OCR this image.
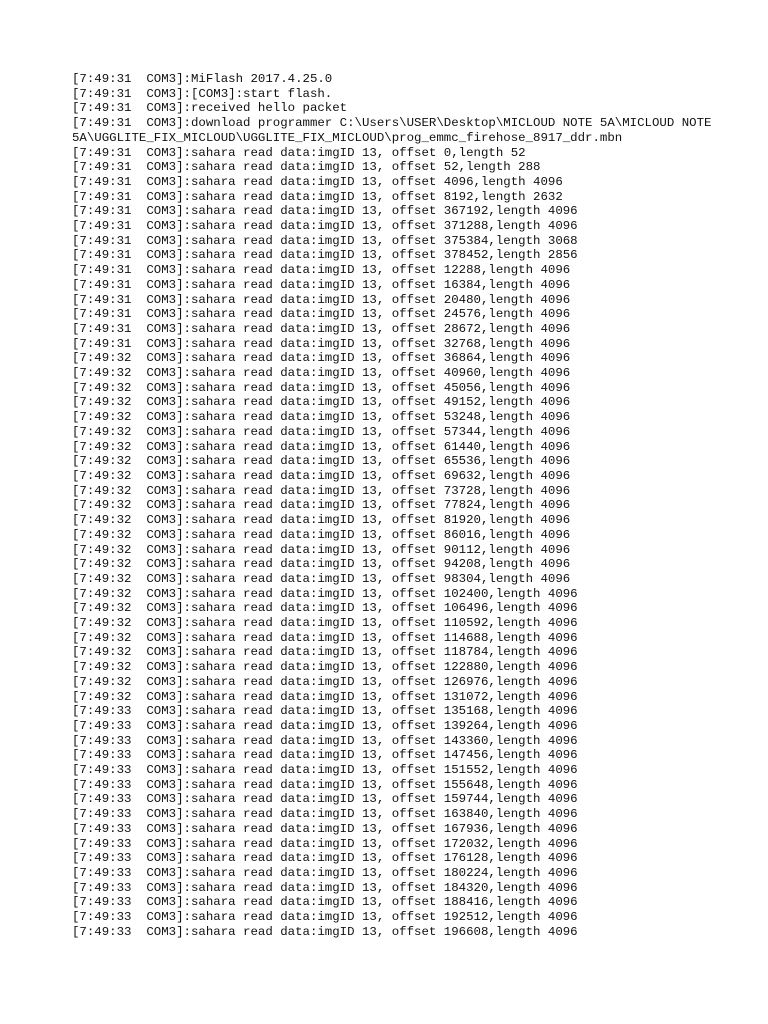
[7:49:31  COM3]:MiFlash 2017.4.25.0
[7:49:31  COM3]:[COM3]:start flash.
[7:49:31  COM3]:received hello packet
[7:49:31  COM3]:download programmer C:\Users\USER\Desktop\MICLOUD NOTE 5A\MICLOUD NOTE 5A\UGGLITE_FIX_MICLOUD\UGGLITE_FIX_MICLOUD\prog_emmc_firehose_8917_ddr.mbn
[7:49:31  COM3]:sahara read data:imgID 13, offset 0,length 52
[7:49:31  COM3]:sahara read data:imgID 13, offset 52,length 288
[7:49:31  COM3]:sahara read data:imgID 13, offset 4096,length 4096
[7:49:31  COM3]:sahara read data:imgID 13, offset 8192,length 2632
[7:49:31  COM3]:sahara read data:imgID 13, offset 367192,length 4096
[7:49:31  COM3]:sahara read data:imgID 13, offset 371288,length 4096
[7:49:31  COM3]:sahara read data:imgID 13, offset 375384,length 3068
[7:49:31  COM3]:sahara read data:imgID 13, offset 378452,length 2856
[7:49:31  COM3]:sahara read data:imgID 13, offset 12288,length 4096
[7:49:31  COM3]:sahara read data:imgID 13, offset 16384,length 4096
[7:49:31  COM3]:sahara read data:imgID 13, offset 20480,length 4096
[7:49:31  COM3]:sahara read data:imgID 13, offset 24576,length 4096
[7:49:31  COM3]:sahara read data:imgID 13, offset 28672,length 4096
[7:49:31  COM3]:sahara read data:imgID 13, offset 32768,length 4096
[7:49:32  COM3]:sahara read data:imgID 13, offset 36864,length 4096
[7:49:32  COM3]:sahara read data:imgID 13, offset 40960,length 4096
[7:49:32  COM3]:sahara read data:imgID 13, offset 45056,length 4096
[7:49:32  COM3]:sahara read data:imgID 13, offset 49152,length 4096
[7:49:32  COM3]:sahara read data:imgID 13, offset 53248,length 4096
[7:49:32  COM3]:sahara read data:imgID 13, offset 57344,length 4096
[7:49:32  COM3]:sahara read data:imgID 13, offset 61440,length 4096
[7:49:32  COM3]:sahara read data:imgID 13, offset 65536,length 4096
[7:49:32  COM3]:sahara read data:imgID 13, offset 69632,length 4096
[7:49:32  COM3]:sahara read data:imgID 13, offset 73728,length 4096
[7:49:32  COM3]:sahara read data:imgID 13, offset 77824,length 4096
[7:49:32  COM3]:sahara read data:imgID 13, offset 81920,length 4096
[7:49:32  COM3]:sahara read data:imgID 13, offset 86016,length 4096
[7:49:32  COM3]:sahara read data:imgID 13, offset 90112,length 4096
[7:49:32  COM3]:sahara read data:imgID 13, offset 94208,length 4096
[7:49:32  COM3]:sahara read data:imgID 13, offset 98304,length 4096
[7:49:32  COM3]:sahara read data:imgID 13, offset 102400,length 4096
[7:49:32  COM3]:sahara read data:imgID 13, offset 106496,length 4096
[7:49:32  COM3]:sahara read data:imgID 13, offset 110592,length 4096
[7:49:32  COM3]:sahara read data:imgID 13, offset 114688,length 4096
[7:49:32  COM3]:sahara read data:imgID 13, offset 118784,length 4096
[7:49:32  COM3]:sahara read data:imgID 13, offset 122880,length 4096
[7:49:32  COM3]:sahara read data:imgID 13, offset 126976,length 4096
[7:49:32  COM3]:sahara read data:imgID 13, offset 131072,length 4096
[7:49:33  COM3]:sahara read data:imgID 13, offset 135168,length 4096
[7:49:33  COM3]:sahara read data:imgID 13, offset 139264,length 4096
[7:49:33  COM3]:sahara read data:imgID 13, offset 143360,length 4096
[7:49:33  COM3]:sahara read data:imgID 13, offset 147456,length 4096
[7:49:33  COM3]:sahara read data:imgID 13, offset 151552,length 4096
[7:49:33  COM3]:sahara read data:imgID 13, offset 155648,length 4096
[7:49:33  COM3]:sahara read data:imgID 13, offset 159744,length 4096
[7:49:33  COM3]:sahara read data:imgID 13, offset 163840,length 4096
[7:49:33  COM3]:sahara read data:imgID 13, offset 167936,length 4096
[7:49:33  COM3]:sahara read data:imgID 13, offset 172032,length 4096
[7:49:33  COM3]:sahara read data:imgID 13, offset 176128,length 4096
[7:49:33  COM3]:sahara read data:imgID 13, offset 180224,length 4096
[7:49:33  COM3]:sahara read data:imgID 13, offset 184320,length 4096
[7:49:33  COM3]:sahara read data:imgID 13, offset 188416,length 4096
[7:49:33  COM3]:sahara read data:imgID 13, offset 192512,length 4096
[7:49:33  COM3]:sahara read data:imgID 13, offset 196608,length 4096
